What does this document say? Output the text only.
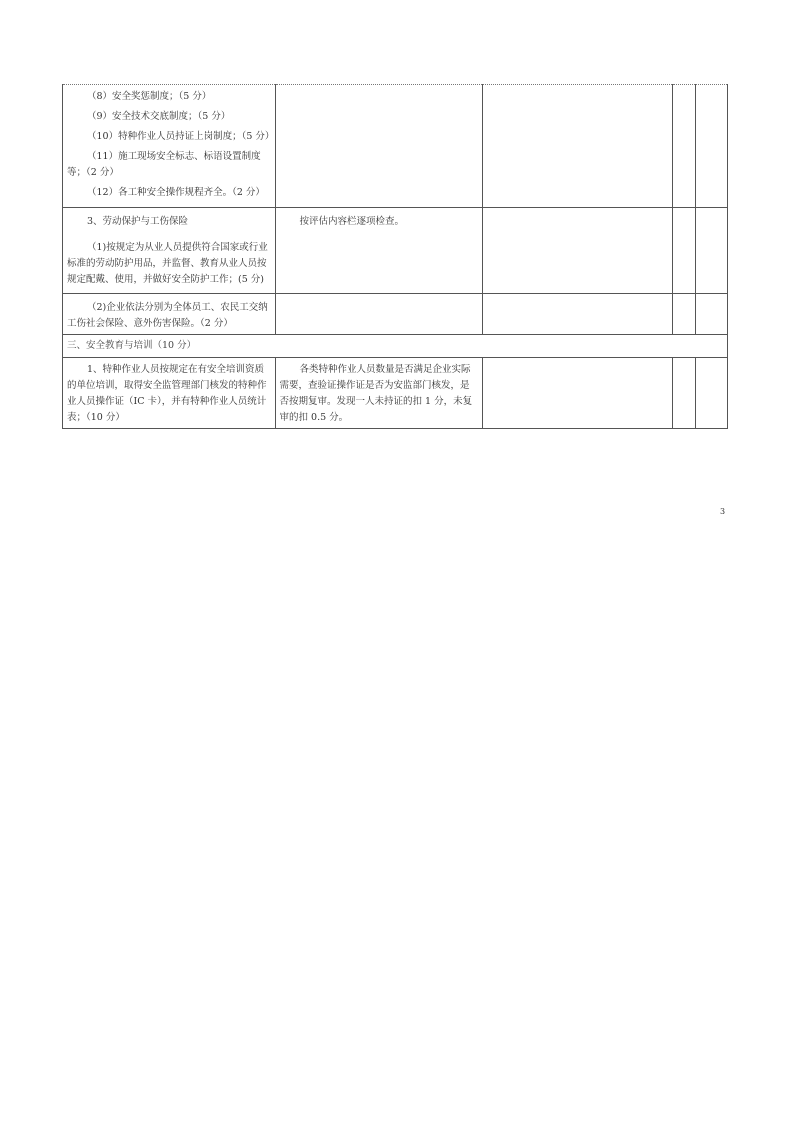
（8）安全奖惩制度；（5 分）
（9）安全技术交底制度；（5 分）
（10）特种作业人员持证上岗制度；（5 分）
（11）施工现场安全标志、标语设置制度等；（2 分）
（12）各工种安全操作规程齐全。（2 分）				

3、劳动保护与工伤保险
（1)按规定为从业人员提供符合国家或行业标准的劳动防护用品，并监督、教育从业人员按规定配戴、使用，并做好安全防护工作；(5 分)	按评估内容栏逐项检查。			

（2)企业依法分别为全体员工、农民工交纳工伤社会保险、意外伤害保险。（2 分）				

三、安全教育与培训（10 分）				

1、特种作业人员按规定在有安全培训资质的单位培训，取得安全监管理部门核发的特种作业人员操作证（IC 卡），并有特种作业人员统计表；（10 分）	各类特种作业人员数量是否满足企业实际需要，查验证操作证是否为安监部门核发，是否按期复审。发现一人未持证的扣 1 分，未复审的扣 0.5 分。			

3
